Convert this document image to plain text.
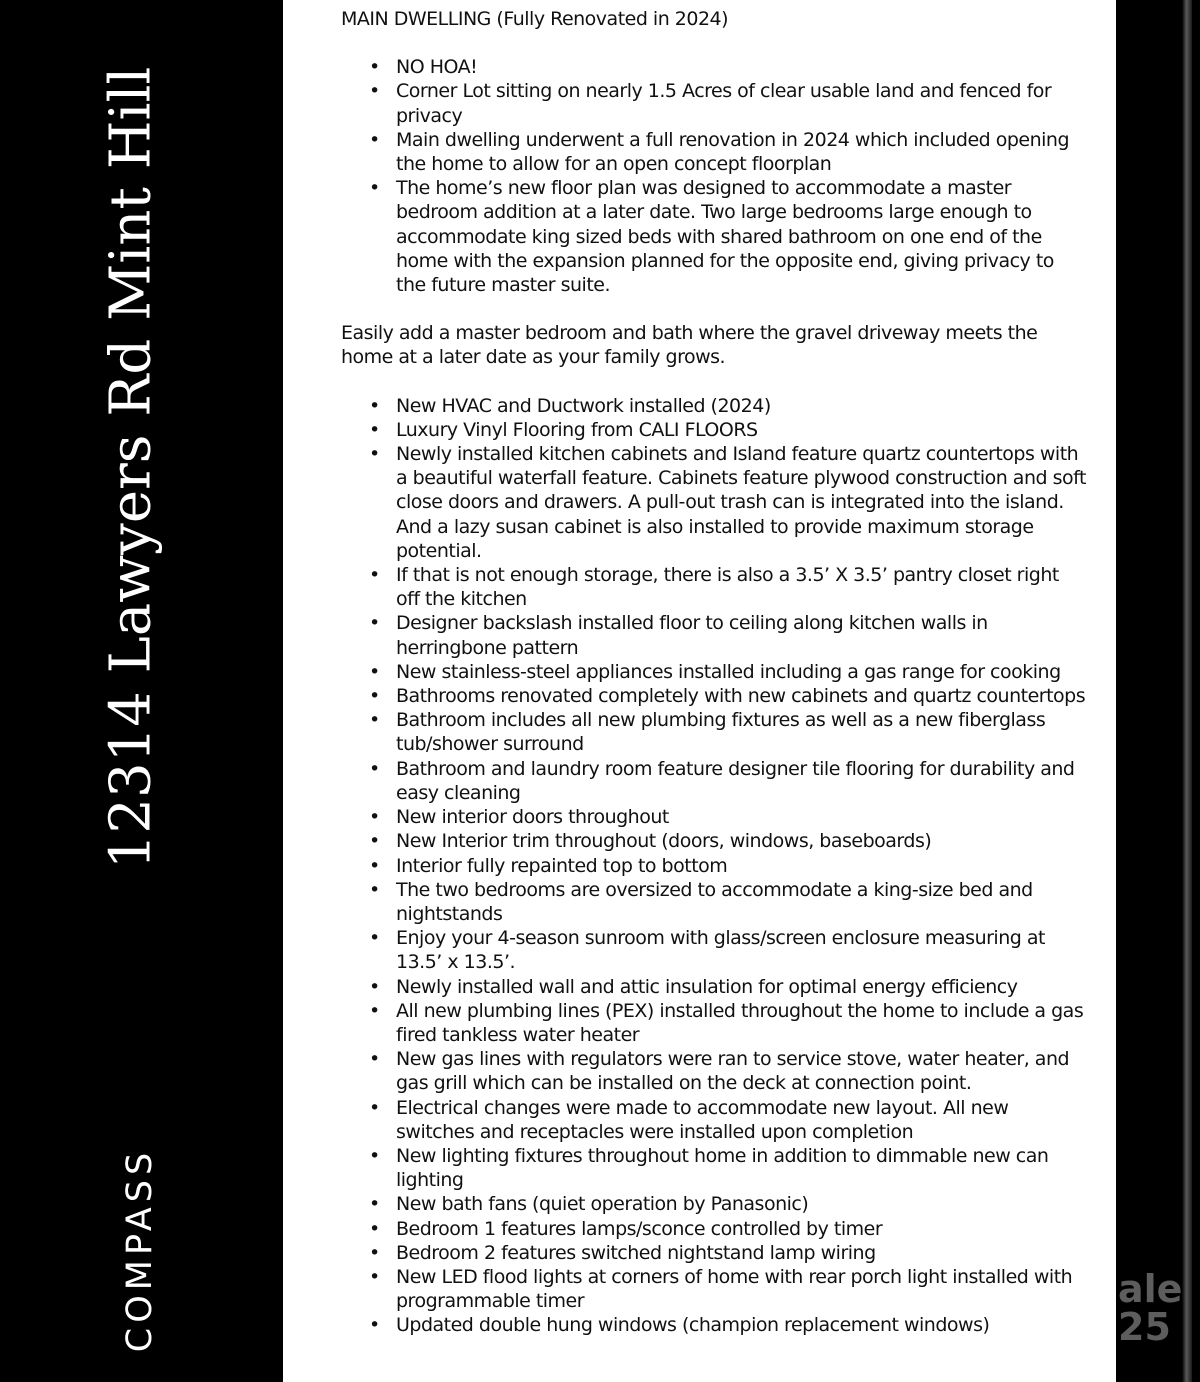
12314 Lawyers Rd Mint Hill
COMPASS	ale
25

MAIN DWELLING (Fully Renovated in 2024)

• NO HOA!
• Corner Lot sitting on nearly 1.5 Acres of clear usable land and fenced for privacy
• Main dwelling underwent a full renovation in 2024 which included opening the home to allow for an open concept floorplan
• The home’s new floor plan was designed to accommodate a master bedroom addition at a later date. Two large bedrooms large enough to accommodate king sized beds with shared bathroom on one end of the home with the expansion planned for the opposite end, giving privacy to the future master suite.

Easily add a master bedroom and bath where the gravel driveway meets the home at a later date as your family grows.

• New HVAC and Ductwork installed (2024)
• Luxury Vinyl Flooring from CALI FLOORS
• Newly installed kitchen cabinets and Island feature quartz countertops with a beautiful waterfall feature. Cabinets feature plywood construction and soft close doors and drawers. A pull-out trash can is integrated into the island. And a lazy susan cabinet is also installed to provide maximum storage potential.
• If that is not enough storage, there is also a 3.5’ X 3.5’ pantry closet right off the kitchen
• Designer backslash installed floor to ceiling along kitchen walls in herringbone pattern
• New stainless-steel appliances installed including a gas range for cooking
• Bathrooms renovated completely with new cabinets and quartz countertops
• Bathroom includes all new plumbing fixtures as well as a new fiberglass tub/shower surround
• Bathroom and laundry room feature designer tile flooring for durability and easy cleaning
• New interior doors throughout
• New Interior trim throughout (doors, windows, baseboards)
• Interior fully repainted top to bottom
• The two bedrooms are oversized to accommodate a king-size bed and nightstands
• Enjoy your 4-season sunroom with glass/screen enclosure measuring at 13.5’ x 13.5’.
• Newly installed wall and attic insulation for optimal energy efficiency
• All new plumbing lines (PEX) installed throughout the home to include a gas fired tankless water heater
• New gas lines with regulators were ran to service stove, water heater, and gas grill which can be installed on the deck at connection point.
• Electrical changes were made to accommodate new layout. All new switches and receptacles were installed upon completion
• New lighting fixtures throughout home in addition to dimmable new can lighting
• New bath fans (quiet operation by Panasonic)
• Bedroom 1 features lamps/sconce controlled by timer
• Bedroom 2 features switched nightstand lamp wiring
• New LED flood lights at corners of home with rear porch light installed with programmable timer
• Updated double hung windows (champion replacement windows)
